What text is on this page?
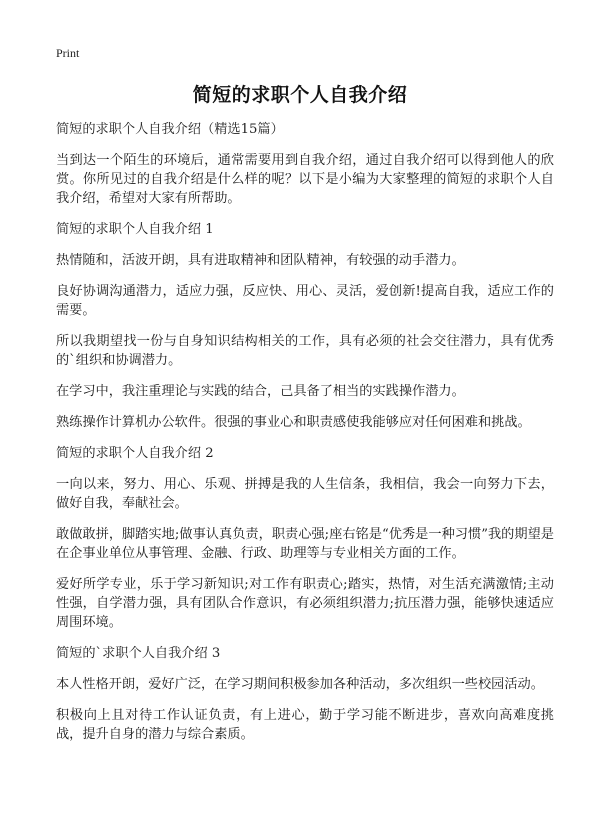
Print
简短的求职个人自我介绍

简短的求职个人自我介绍（精选15篇）

当到达一个陌生的环境后，通常需要用到自我介绍，通过自我介绍可以得到他人的欣赏。你所见过的自我介绍是什么样的呢？以下是小编为大家整理的简短的求职个人自我介绍，希望对大家有所帮助。

简短的求职个人自我介绍 1

热情随和，活波开朗，具有进取精神和团队精神，有较强的动手潜力。

良好协调沟通潜力，适应力强，反应快、用心、灵活，爱创新!提高自我，适应工作的需要。

所以我期望找一份与自身知识结构相关的工作，具有必须的社会交往潜力，具有优秀的`组织和协调潜力。

在学习中，我注重理论与实践的结合，己具备了相当的实践操作潜力。

熟练操作计算机办公软件。很强的事业心和职责感使我能够应对任何困难和挑战。

简短的求职个人自我介绍 2

一向以来，努力、用心、乐观、拼搏是我的人生信条，我相信，我会一向努力下去，做好自我，奉献社会。

敢做敢拼，脚踏实地;做事认真负责，职责心强;座右铭是“优秀是一种习惯”我的期望是在企事业单位从事管理、金融、行政、助理等与专业相关方面的工作。

爱好所学专业，乐于学习新知识;对工作有职责心;踏实，热情，对生活充满激情;主动性强，自学潜力强，具有团队合作意识，有必须组织潜力;抗压潜力强，能够快速适应周围环境。

简短的`求职个人自我介绍 3

本人性格开朗，爱好广泛，在学习期间积极参加各种活动，多次组织一些校园活动。

积极向上且对待工作认证负责，有上进心，勤于学习能不断进步，喜欢向高难度挑战，提升自身的潜力与综合素质。
